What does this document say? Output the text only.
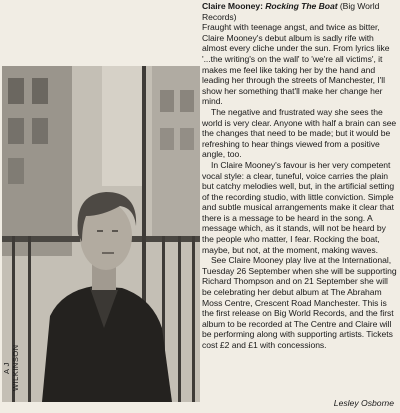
A J WILKINSON

Claire Mooney: Rocking The Boat (Big World Records)

Fraught with teenage angst, and twice as bitter, Claire Mooney's debut album is sadly rife with almost every cliche under the sun. From lyrics like '...the writing's on the wall' to 'we're all victims', it makes me feel like taking her by the hand and leading her through the streets of Manchester, I'll show her something that'll make her change her mind.

The negative and frustrated way she sees the world is very clear. Anyone with half a brain can see the changes that need to be made; but it would be refreshing to hear things viewed from a positive angle, too.

In Claire Mooney's favour is her very competent vocal style: a clear, tuneful, voice carries the plain but catchy melodies well, but, in the artificial setting of the recording studio, with little conviction. Simple and subtle musical arrangements make it clear that there is a message to be heard in the song. A message which, as it stands, will not be heard by the people who matter, I fear. Rocking the boat, maybe, but not, at the moment, making waves.

See Claire Mooney play live at the International, Tuesday 26 September when she will be supporting Richard Thompson and on 21 September she will be celebrating her debut album at The Abraham Moss Centre, Crescent Road Manchester. This is the first release on Big World Records, and the first album to be recorded at The Centre and Claire will be performing along with supporting artists. Tickets cost £2 and £1 with concessions.

Lesley Osborne
